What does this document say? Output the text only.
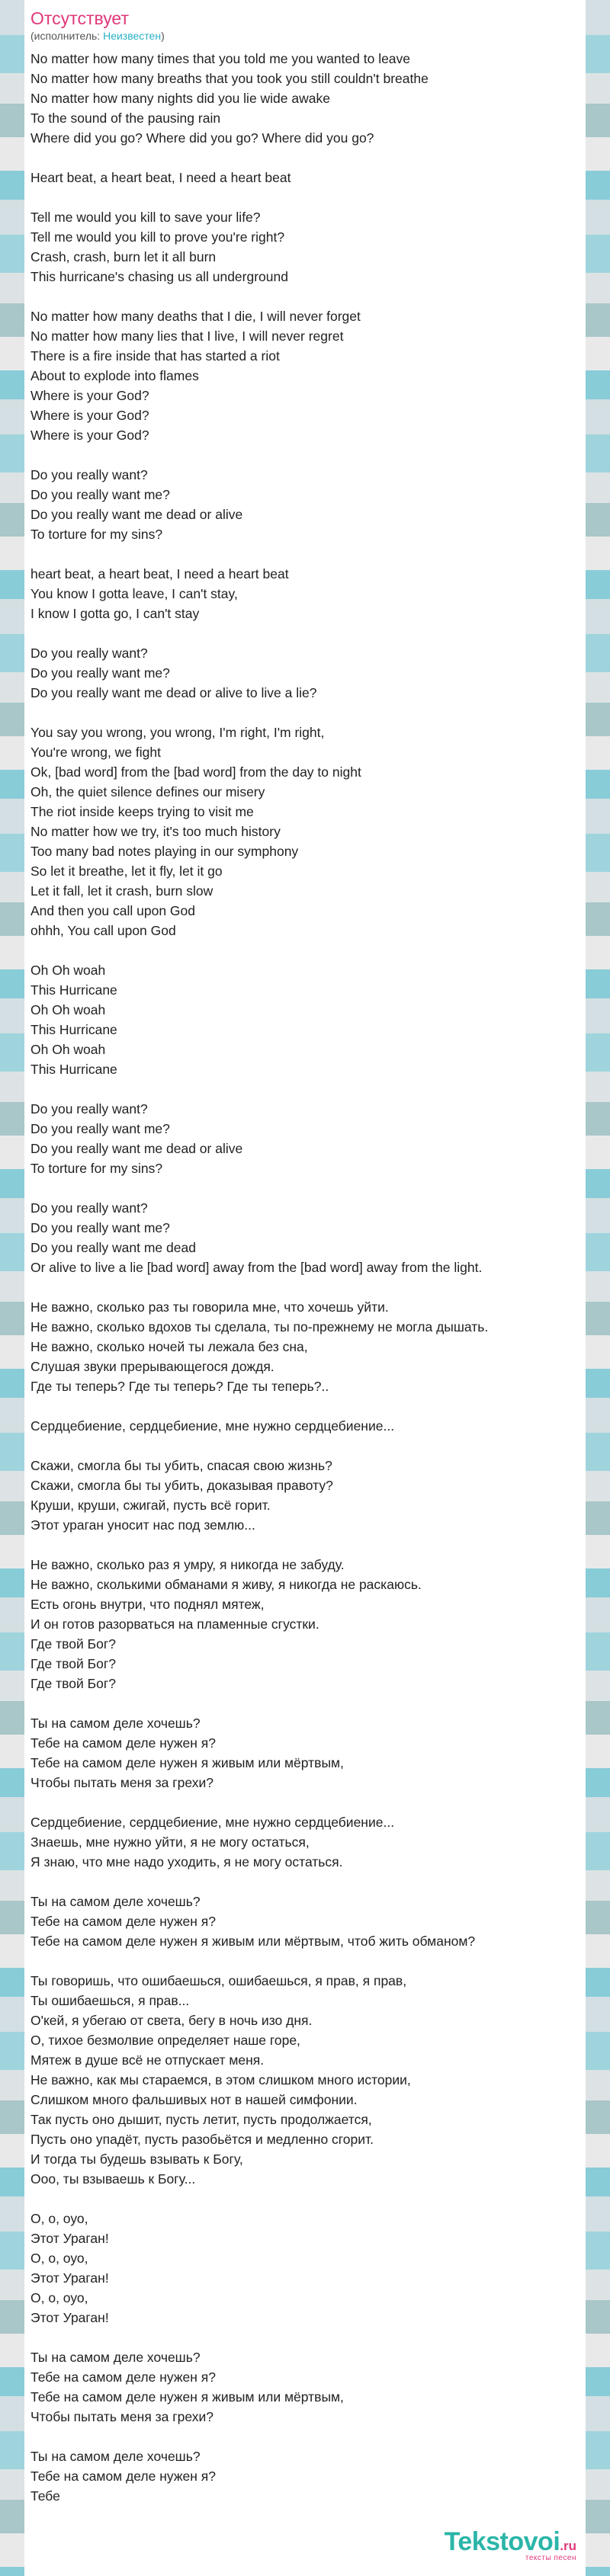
Отсутствует
(исполнитель: Неизвестен)
No matter how many times that you told me you wanted to leave
No matter how many breaths that you took you still couldn't breathe
No matter how many nights did you lie wide awake
To the sound of the pausing rain
Where did you go? Where did you go? Where did you go?
Heart beat, a heart beat, I need a heart beat
Tell me would you kill to save your life?
Tell me would you kill to prove you're right?
Crash, crash, burn let it all burn
This hurricane's chasing us all underground
No matter how many deaths that I die, I will never forget
No matter how many lies that I live, I will never regret
There is a fire inside that has started a riot
About to explode into flames
Where is your God?
Where is your God?
Where is your God?
Do you really want?
Do you really want me?
Do you really want me dead or alive
To torture for my sins?
heart beat, a heart beat, I need a heart beat
You know I gotta leave, I can't stay,
I know I gotta go, I can't stay
Do you really want?
Do you really want me?
Do you really want me dead or alive to live a lie?
You say you wrong, you wrong, I'm right, I'm right,
You're wrong, we fight
Ok, [bad word] from the [bad word] from the day to night
Oh, the quiet silence defines our misery
The riot inside keeps trying to visit me
No matter how we try, it's too much history
Too many bad notes playing in our symphony
So let it breathe, let it fly, let it go
Let it fall, let it crash, burn slow
And then you call upon God
ohhh, You call upon God
Oh Oh woah
This Hurricane
Oh Oh woah
This Hurricane
Oh Oh woah
This Hurricane
Do you really want?
Do you really want me?
Do you really want me dead or alive
To torture for my sins?
Do you really want?
Do you really want me?
Do you really want me dead
Or alive to live a lie [bad word] away from the [bad word] away from the light.
Не важно, сколько раз ты говорила мне, что хочешь уйти.
Не важно, сколько вдохов ты сделала, ты по-прежнему не могла дышать.
Не важно, сколько ночей ты лежала без сна,
Слушая звуки прерывающегося дождя.
Где ты теперь? Где ты теперь? Где ты теперь?..
Сердцебиение, сердцебиение, мне нужно сердцебиение...
Скажи, смогла бы ты убить, спасая свою жизнь?
Скажи, смогла бы ты убить, доказывая правоту?
Круши, круши, сжигай, пусть всё горит.
Этот ураган уносит нас под землю...
Не важно, сколько раз я умру, я никогда не забуду.
Не важно, сколькими обманами я живу, я никогда не раскаюсь.
Есть огонь внутри, что поднял мятеж,
И он готов разорваться на пламенные сгустки.
Где твой Бог?
Где твой Бог?
Где твой Бог?
Ты на самом деле хочешь?
Тебе на самом деле нужен я?
Тебе на самом деле нужен я живым или мёртвым,
Чтобы пытать меня за грехи?
Сердцебиение, сердцебиение, мне нужно сердцебиение...
Знаешь, мне нужно уйти, я не могу остаться,
Я знаю, что мне надо уходить, я не могу остаться.
Ты на самом деле хочешь?
Тебе на самом деле нужен я?
Тебе на самом деле нужен я живым или мёртвым, чтоб жить обманом?
Ты говоришь, что ошибаешься, ошибаешься, я прав, я прав,
Ты ошибаешься, я прав...
О'кей, я убегаю от света, бегу в ночь изо дня.
О, тихое безмолвие определяет наше горе,
Мятеж в душе всё не отпускает меня.
Не важно, как мы стараемся, в этом слишком много истории,
Слишком много фальшивых нот в нашей симфонии.
Так пусть оно дышит, пусть летит, пусть продолжается,
Пусть оно упадёт, пусть разобьётся и медленно сгорит.
И тогда ты будешь взывать к Богу,
Ооо, ты взываешь к Богу...
О, о, оуо,
Этот Ураган!
О, о, оуо,
Этот Ураган!
О, о, оуо,
Этот Ураган!
Ты на самом деле хочешь?
Тебе на самом деле нужен я?
Тебе на самом деле нужен я живым или мёртвым,
Чтобы пытать меня за грехи?
Ты на самом деле хочешь?
Тебе на самом деле нужен я?
Тебе
Tekstovoi.ru
тексты песен
